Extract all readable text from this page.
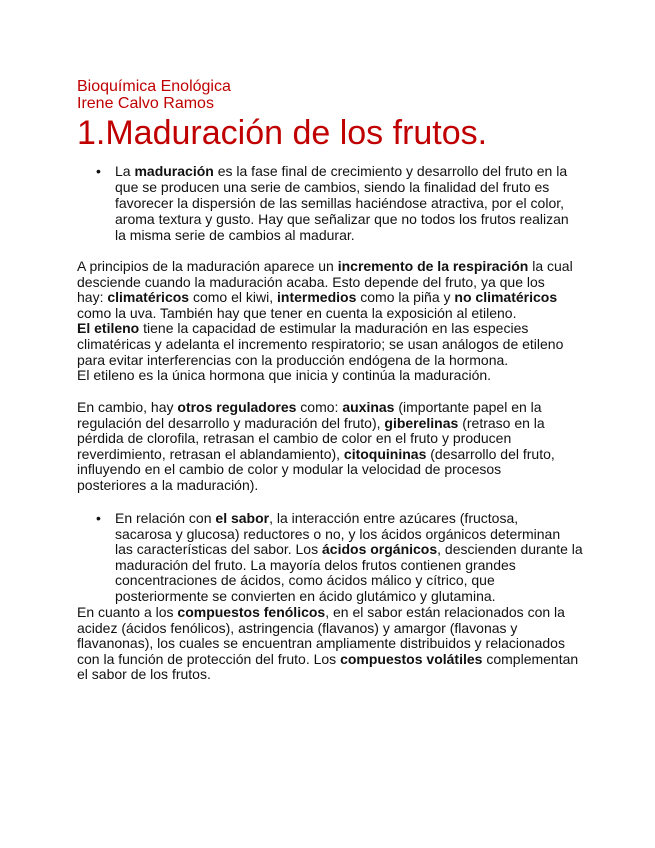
Bioquímica Enológica
Irene Calvo Ramos
1.Maduración de los frutos.
• La maduración es la fase final de crecimiento y desarrollo del fruto en la
que se producen una serie de cambios, siendo la finalidad del fruto es
favorecer la dispersión de las semillas haciéndose atractiva, por el color,
aroma textura y gusto. Hay que señalizar que no todos los frutos realizan
la misma serie de cambios al madurar.
A principios de la maduración aparece un incremento de la respiración la cual
desciende cuando la maduración acaba. Esto depende del fruto, ya que los
hay: climatéricos como el kiwi, intermedios como la piña y no climatéricos
como la uva. También hay que tener en cuenta la exposición al etileno.
El etileno tiene la capacidad de estimular la maduración en las especies
climatéricas y adelanta el incremento respiratorio; se usan análogos de etileno
para evitar interferencias con la producción endógena de la hormona.
El etileno es la única hormona que inicia y continúa la maduración.
En cambio, hay otros reguladores como: auxinas (importante papel en la
regulación del desarrollo y maduración del fruto), giberelinas (retraso en la
pérdida de clorofila, retrasan el cambio de color en el fruto y producen
reverdimiento, retrasan el ablandamiento), citoquininas (desarrollo del fruto,
influyendo en el cambio de color y modular la velocidad de procesos
posteriores a la maduración).
• En relación con el sabor, la interacción entre azúcares (fructosa,
sacarosa y glucosa) reductores o no, y los ácidos orgánicos determinan
las características del sabor. Los ácidos orgánicos, descienden durante la
maduración del fruto. La mayoría delos frutos contienen grandes
concentraciones de ácidos, como ácidos málico y cítrico, que
posteriormente se convierten en ácido glutámico y glutamina.
En cuanto a los compuestos fenólicos, en el sabor están relacionados con la
acidez (ácidos fenólicos), astringencia (flavanos) y amargor (flavonas y
flavanonas), los cuales se encuentran ampliamente distribuidos y relacionados
con la función de protección del fruto. Los compuestos volátiles complementan
el sabor de los frutos.
